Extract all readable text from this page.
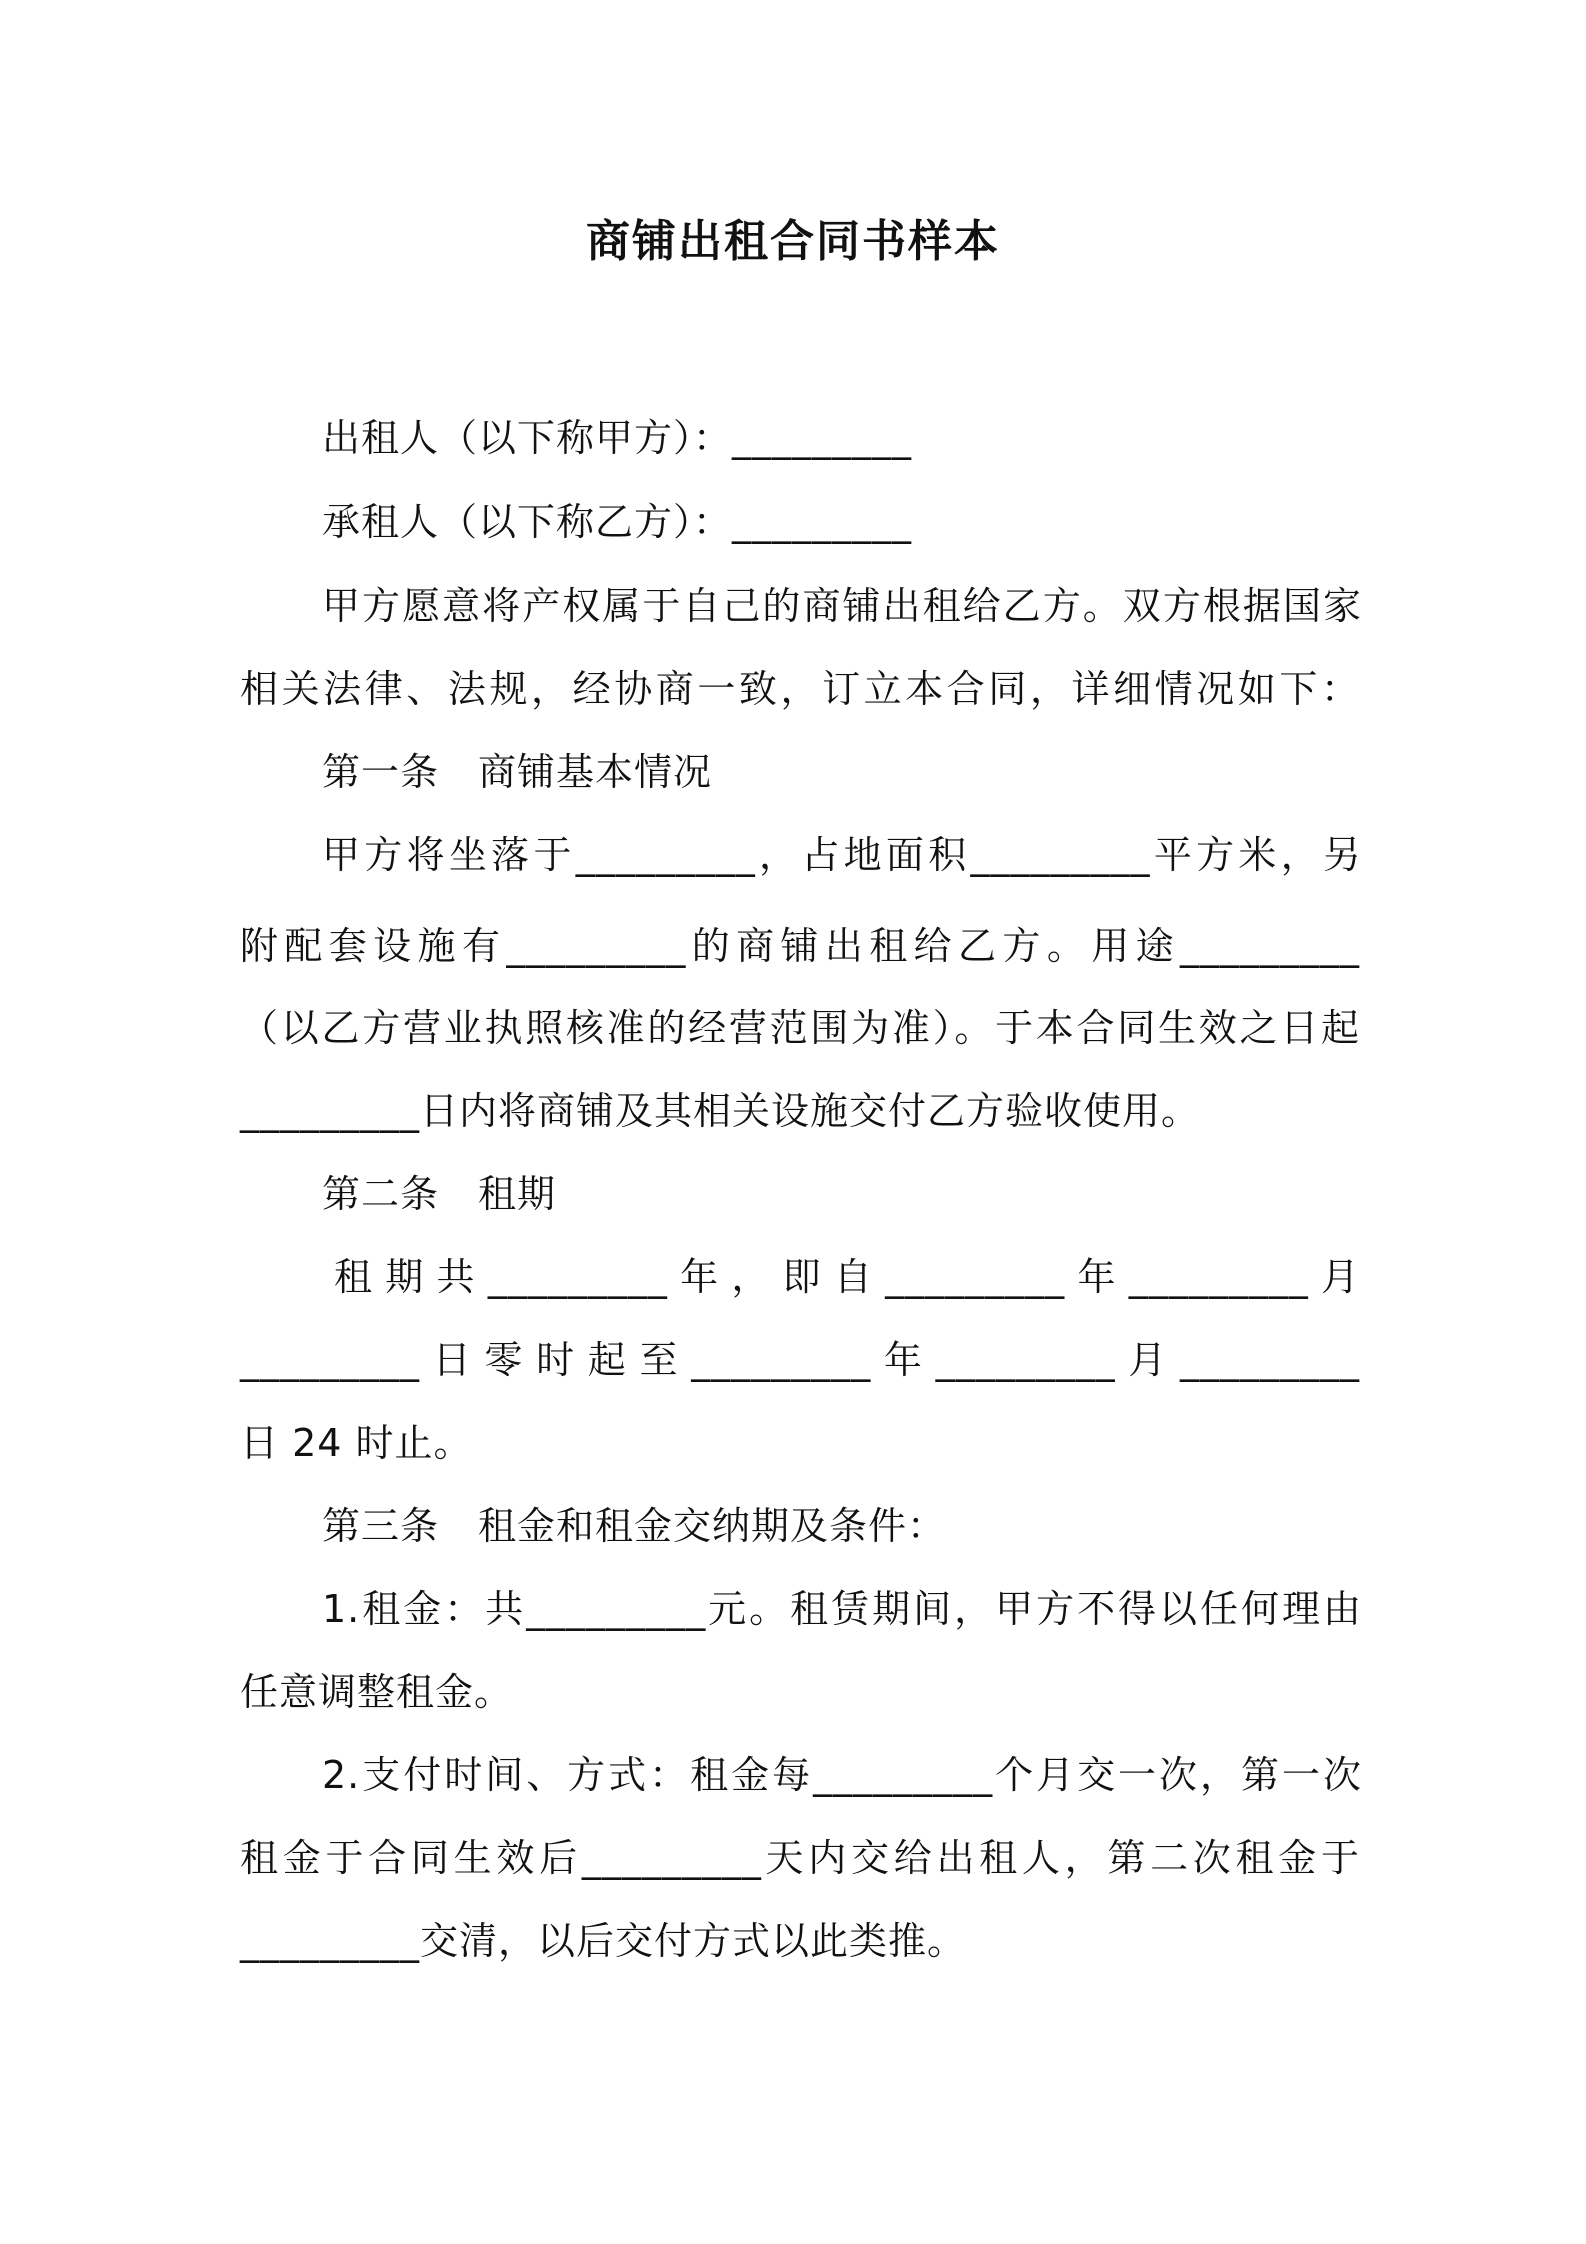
商铺出租合同书样本
出租人（以下称甲方）：_________
承租人（以下称乙方）：_________
甲方愿意将产权属于自己的商铺出租给乙方。双方根据国家
相关法律、法规，经协商一致，订立本合同，详细情况如下：
第一条　商铺基本情况
甲方将坐落于_________，占地面积_________平方米，另
附配套设施有_________的商铺出租给乙方。用途_________
（以乙方营业执照核准的经营范围为准）。于本合同生效之日起
_________日内将商铺及其相关设施交付乙方验收使用。
第二条　租期
租期共_________年，即自_________年_________月
_________日零时起至_________年_________月_________
日 24 时止。
第三条　租金和租金交纳期及条件：
1.租金：共_________元。租赁期间，甲方不得以任何理由
任意调整租金。
2.支付时间、方式：租金每_________个月交一次，第一次
租金于合同生效后_________天内交给出租人，第二次租金于
_________交清，以后交付方式以此类推。
